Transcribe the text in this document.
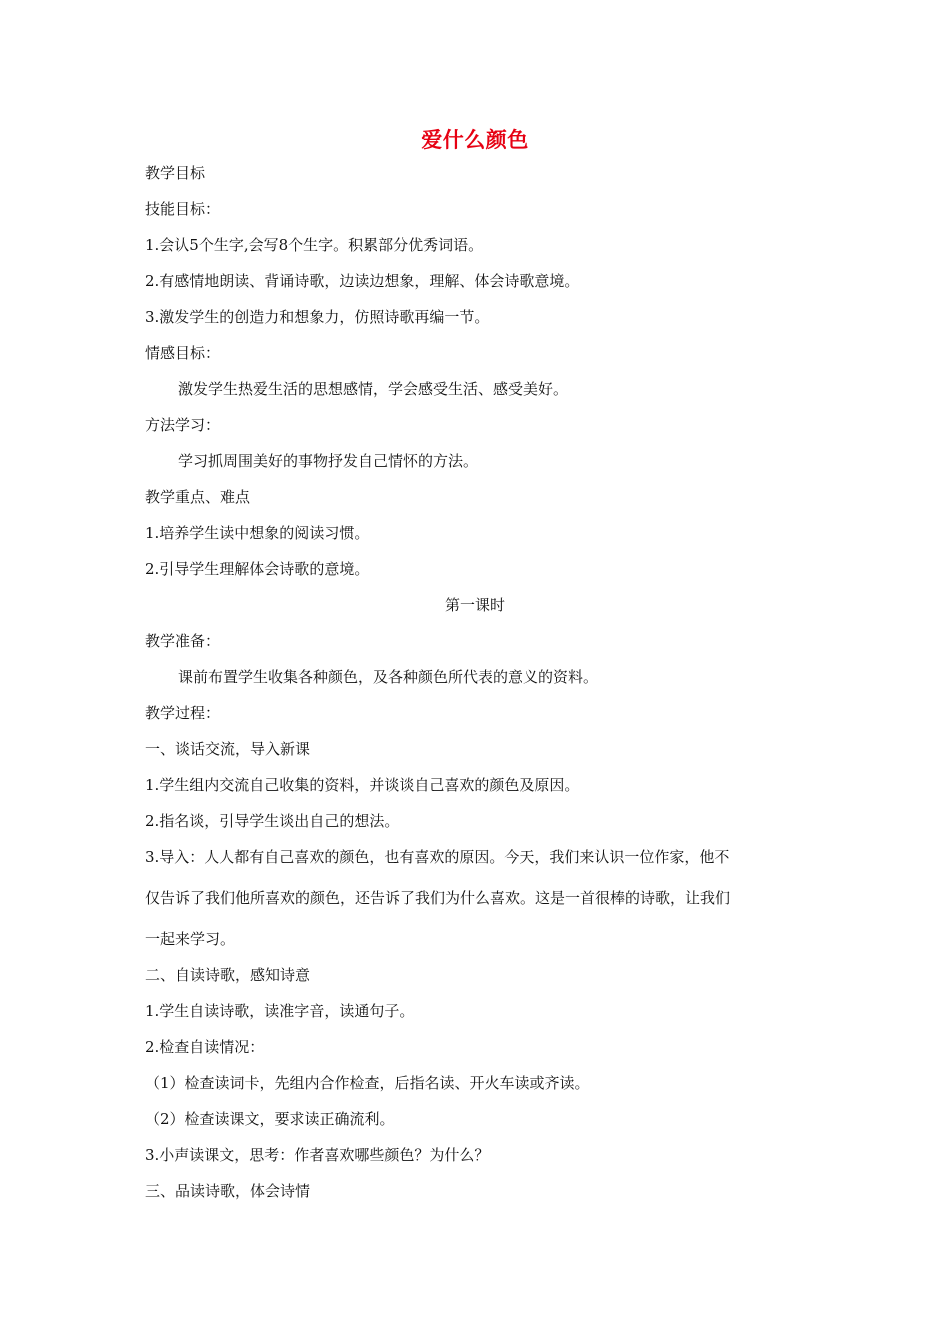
爱什么颜色
教学目标
技能目标：
1.会认5个生字,会写8个生字。积累部分优秀词语。
2.有感情地朗读、背诵诗歌，边读边想象，理解、体会诗歌意境。
3.激发学生的创造力和想象力，仿照诗歌再编一节。
情感目标：
激发学生热爱生活的思想感情，学会感受生活、感受美好。
方法学习：
学习抓周围美好的事物抒发自己情怀的方法。
教学重点、难点
1.培养学生读中想象的阅读习惯。
2.引导学生理解体会诗歌的意境。
第一课时
教学准备：
课前布置学生收集各种颜色，及各种颜色所代表的意义的资料。
教学过程：
一、谈话交流，导入新课
1.学生组内交流自己收集的资料，并谈谈自己喜欢的颜色及原因。
2.指名谈，引导学生谈出自己的想法。
3.导入：人人都有自己喜欢的颜色，也有喜欢的原因。今天，我们来认识一位作家，他不
仅告诉了我们他所喜欢的颜色，还告诉了我们为什么喜欢。这是一首很棒的诗歌，让我们
一起来学习。
二、自读诗歌，感知诗意
1.学生自读诗歌，读准字音，读通句子。
2.检查自读情况：
（1）检查读词卡，先组内合作检查，后指名读、开火车读或齐读。
（2）检查读课文，要求读正确流利。
3.小声读课文，思考：作者喜欢哪些颜色？为什么？
三、品读诗歌，体会诗情
